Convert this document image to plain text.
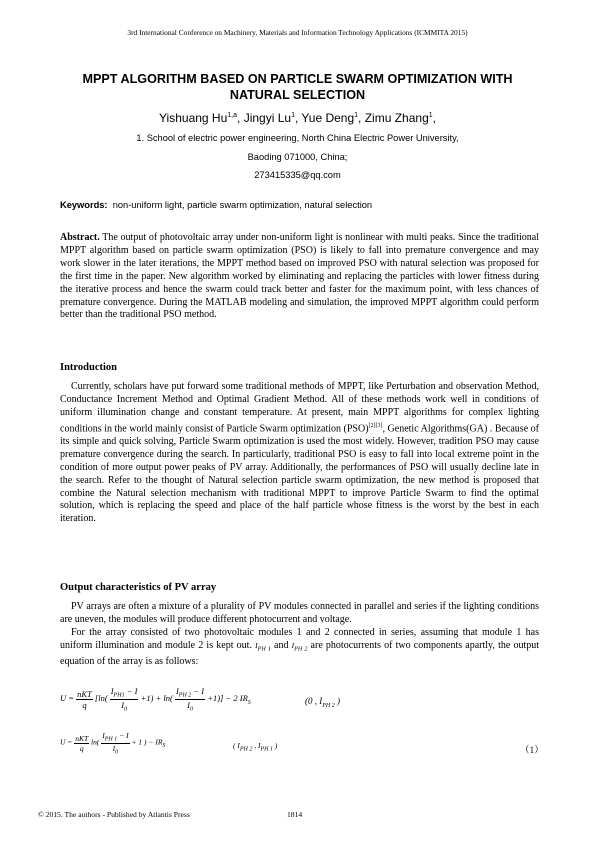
3rd International Conference on Machinery, Materials and Information Technology Applications (ICMMITA 2015)
MPPT ALGORITHM BASED ON PARTICLE SWARM OPTIMIZATION WITH
NATURAL SELECTION
Yishuang Hu$^{1,a}$, Jingyi Lu$^1$, Yue Deng$^1$, Zimu Zhang$^1$,
1. School of electric power engineering, North China Electric Power University,
Baoding 071000, China;
273415335@qq.com
Keywords: non-uniform light, particle swarm optimization, natural selection

Abstract. The output of photovoltaic array under non-uniform light is nonlinear with multi peaks. Since the traditional MPPT algorithm based on particle swarm optimization (PSO) is likely to fall into premature convergence and may work slower in the later iterations, the MPPT method based on improved PSO with natural selection was proposed for the first time in the paper. New algorithm worked by eliminating and replacing the particles with lower fitness during the iterative process and hence the swarm could track better and faster for the maximum point, with less chances of premature convergence. During the MATLAB modeling and simulation, the improved MPPT algorithm could perform better than the traditional PSO method.

Introduction

Currently, scholars have put forward some traditional methods of MPPT, like Perturbation and observation Method, Conductance Increment Method and Optimal Gradient Method. All of these methods work well in conditions of uniform illumination change and constant temperature. At present, main MPPT algorithms for complex lighting conditions in the world mainly consist of Particle Swarm optimization (PSO)[2][3], Genetic Algorithms(GA) . Because of its simple and quick solving, Particle Swarm optimization is used the most widely. However, tradition PSO may cause premature convergence during the search. In particularly, traditional PSO is easy to fall into local extreme point in the condition of more output power peaks of PV array. Additionally, the performances of PSO will usually decline late in the search. Refer to the thought of Natural selection particle swarm optimization, the new method is proposed that combine the Natural selection mechanism with traditional MPPT to improve Particle Swarm to find the optimal solution, which is replacing the speed and place of the half particle whose fitness is the worst by the best in each iteration.

Output characteristics of PV array

PV arrays are often a mixture of a plurality of PV modules connected in parallel and series if the lighting conditions are uneven, the modules will produce different photocurrent and voltage.

For the array consisted of two photovoltaic modules 1 and 2 connected in series, assuming that module 1 has uniform illumination and module 2 is kept out. $I_{PH 1}$ and $I_{PH 2}$ are photocurrents of two components apartly, the output equation of the array is as follows:

$U = \frac{\text{nKT}}{q} [\ln( \frac{I_{PH1} - I}{I_0} +1) + \ln( \frac{I_{PH 2} - I}{I_0} +1)] - 2$ $IR_S$	(0 , $I_{PH 2}$ )
$U = \frac{\text{nKT}}{q} \ln( \frac{I_{PH 1} - I}{I_0} + 1$ ) − $IR_S$	( $I_{PH 2}$ , $I_{PH 1}$ )
（1）
© 2015. The authors - Published by Atlantis Press	1814
